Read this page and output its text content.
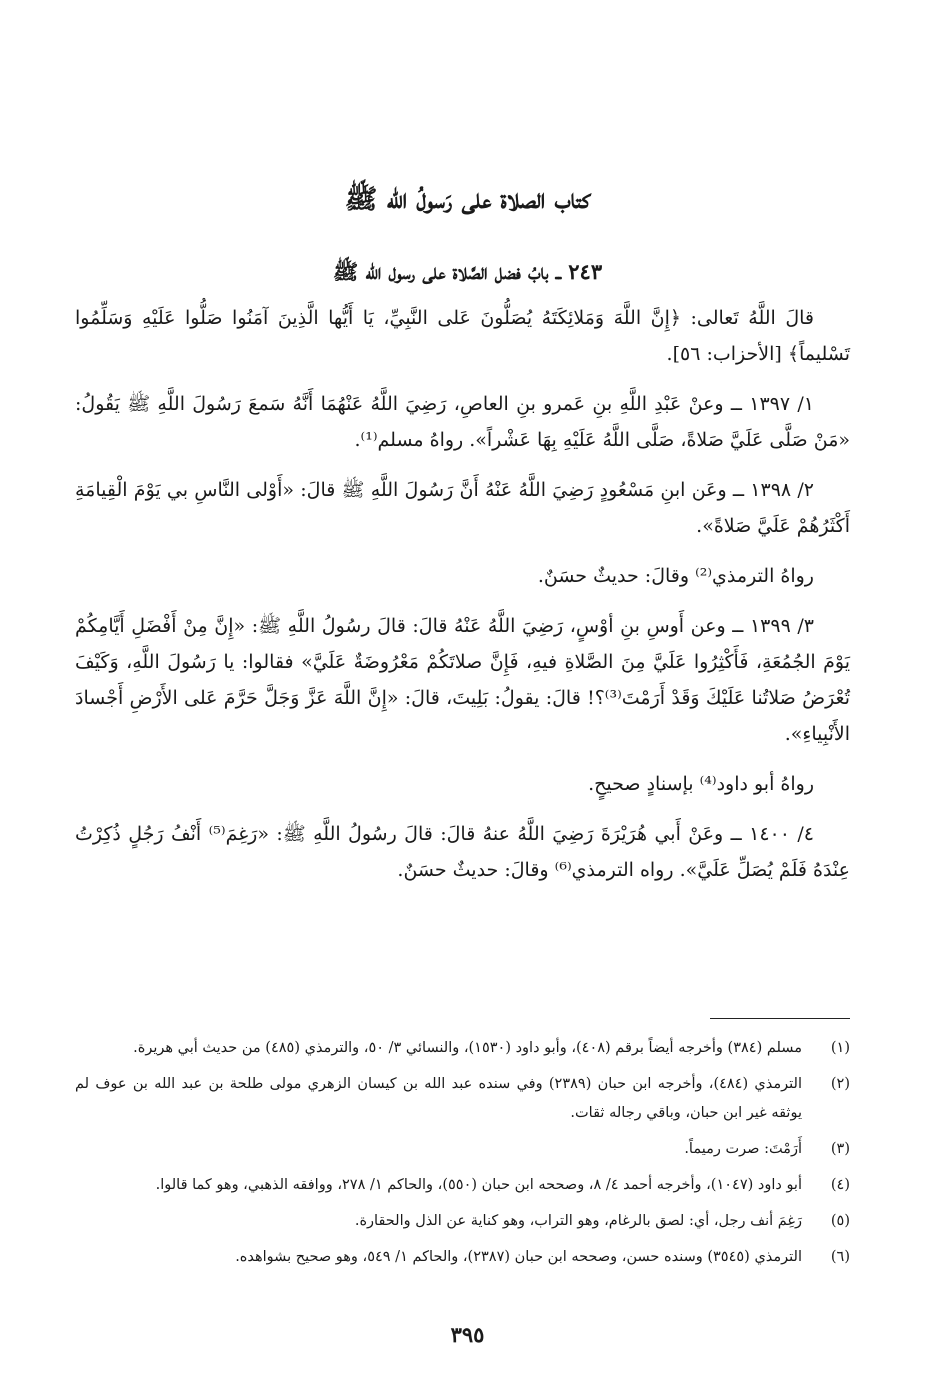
كتاب الصلاة على رَسولُ الله ﷺ
٢٤٣ ــ بابُ فضل الصَّلاة على رسول الله ﷺ

قالَ اللَّهُ تَعالى: ﴿إِنَّ اللَّهَ وَمَلائِكَتَهُ يُصَلُّونَ عَلى النَّبِيِّ، يَا أَيُّها الَّذِينَ آمَنُوا صَلُّوا عَلَيْهِ وَسَلِّمُوا تَسْليماً﴾ [الأحزاب: ٥٦].

١/ ١٣٩٧ ــ وعنْ عَبْدِ اللَّهِ بنِ عَمرو بنِ العاصِ، رَضِيَ اللَّهُ عَنْهُمَا أَنَّهُ سَمعَ رَسُولَ اللَّهِ ﷺ يَقُولُ: «مَنْ صَلَّى عَلَيَّ صَلاةً، صَلَّى اللَّهُ عَلَيْهِ بِهَا عَشْراً». رواهُ مسلم⁽¹⁾.

٢/ ١٣٩٨ ــ وعَن ابنِ مَسْعُودٍ رَضِيَ اللَّهُ عَنْهُ أَنَّ رَسُولَ اللَّهِ ﷺ قالَ: «أَوْلى النَّاسِ بي يَوْمَ الْقِيامَةِ أَكْثَرُهُمْ عَلَيَّ صَلاةً».

رواهُ الترمذي⁽²⁾ وقالَ: حديثٌ حسَنٌ.

٣/ ١٣٩٩ ــ وعن أَوسِ بنِ أوْسٍ، رَضِيَ اللَّهُ عَنْهُ قالَ: قالَ رسُولُ اللَّهِ ﷺ: «إِنَّ مِنْ أَفْضَلِ أَيَّامِكُمْ يَوْمَ الجُمُعَةِ، فَأَكْثِرُوا عَلَيَّ مِنَ الصَّلاةِ فيهِ، فَإِنَّ صلاتَكُمْ مَعْرُوضَةٌ عَلَيَّ» فقالوا: يا رَسُولَ اللَّهِ، وَكَيْفَ تُعْرَضُ صَلاتُنا عَلَيْكَ وَقَدْ أَرَمْتَ⁽³⁾؟! قالَ: يقولُ: بَلِيتَ، قالَ: «إِنَّ اللَّهَ عَزَّ وَجَلَّ حَرَّمَ عَلى الأَرْضِ أَجْسادَ الأَنْبِياءِ».

رواهُ أبو داود⁽⁴⁾ بإسنادٍ صحيحٍ.

٤/ ١٤٠٠ ــ وعَنْ أَبي هُرَيْرَةَ رَضِيَ اللَّهُ عنهُ قالَ: قالَ رسُولُ اللَّهِ ﷺ: «رَغِمَ⁽⁵⁾ أَنْفُ رَجُلٍ ذُكِرْتُ عِنْدَهُ فَلَمْ يُصَلِّ عَلَيَّ». رواه الترمذي⁽⁶⁾ وقالَ: حديثٌ حسَنٌ.

(١)
مسلم (٣٨٤) وأخرجه أيضاً برقم (٤٠٨)، وأبو داود (١٥٣٠)، والنسائي ٣/ ٥٠، والترمذي (٤٨٥) من حديث أبي هريرة.
(٢)
الترمذي (٤٨٤)، وأخرجه ابن حبان (٢٣٨٩) وفي سنده عبد الله بن كيسان الزهري مولى طلحة بن عبد الله بن عوف لم يوثقه غير ابن حبان، وباقي رجاله ثقات.
(٣)
أَرَمْتَ: صرت رميماً.
(٤)
أبو داود (١٠٤٧)، وأخرجه أحمد ٤/ ٨، وصححه ابن حبان (٥٥٠)، والحاكم ١/ ٢٧٨، ووافقه الذهبي، وهو كما قالوا.
(٥)
رَغِمَ أنف رجل، أي: لصق بالرغام، وهو التراب، وهو كناية عن الذل والحقارة.
(٦)
الترمذي (٣٥٤٥) وسنده حسن، وصححه ابن حبان (٢٣٨٧)، والحاكم ١/ ٥٤٩، وهو صحيح بشواهده.
٣٩٥
